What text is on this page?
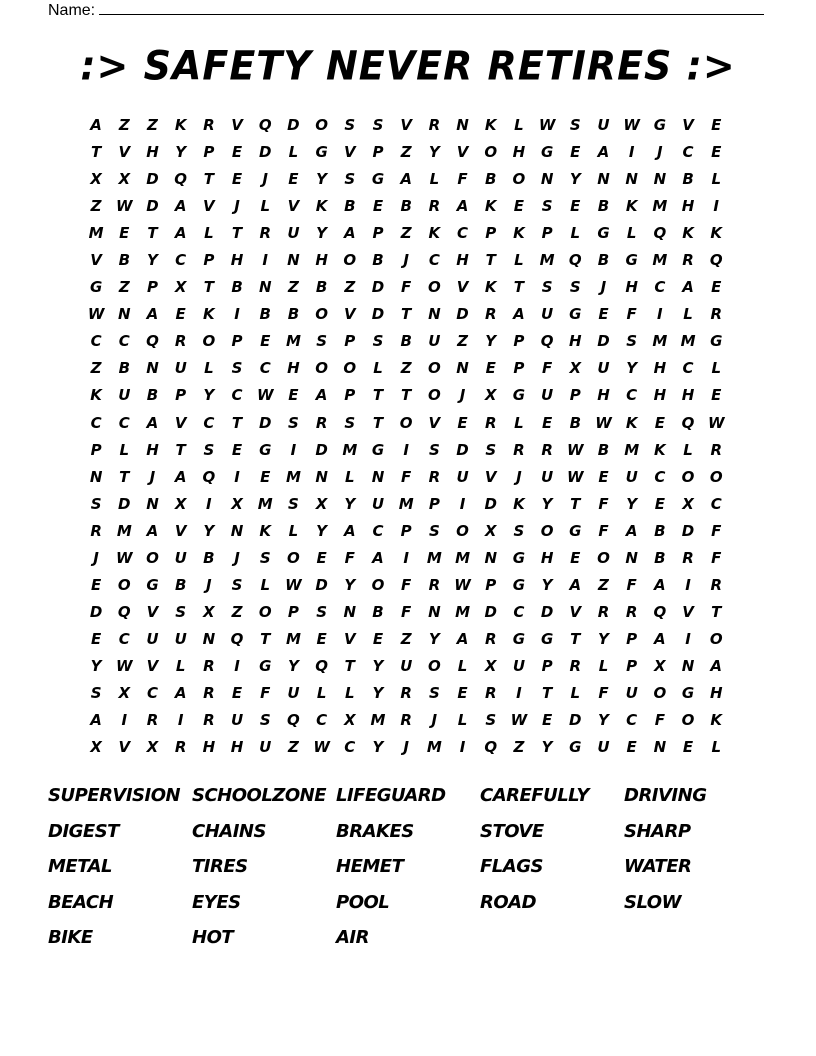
Name:
:> SAFETY NEVER RETIRES :>
A	Z	Z	K	R	V	Q	D	O	S	S	V	R	N	K	L	W S	U W G	V	E
T	V	H	Y	P	E	D	L	G	V	P	Z	Y	V	O	H	G	E	A	I	J	C	E
X	X	D	Q	T	E	J	E	Y	S	G	A	L	F	B	O	N	Y	N	N	N	B	L
Z W D	A	V	J	L	V	K	B	E	B	R	A	K	E	S	E	B	K M H	I
M	E	T	A	L	T	R	U	Y	A	P	Z	K	C	P	K	P	L	G	L	Q	K	K
V	B	Y	C	P	H	I	N	H	O	B	J	C	H	T	L	M Q	B	G M R	Q
G	Z	P	X	T	B	N	Z	B	Z	D	F	O	V	K	T	S	S	J	H	C	A	E
W N	A	E	K	I	B	B	O	V	D	T	N	D	R	A	U	G	E	F	I	L	R
C	C	Q	R	O	P	E	M	S	P	S	B	U	Z	Y	P	Q	H	D	S	M M G
Z	B	N	U	L	S	C	H	O	O	L	Z	O	N	E	P	F	X	U	Y	H	C	L
K	U	B	P	Y	C W E	A	P	T	T	O	J	X	G	U	P	H	C	H	H	E
C	C	A	V	C	T	D	S	R	S	T	O	V	E	R	L	E	B W K	E	Q W
P	L	H	T	S	E	G	I	D M G	I	S	D	S	R	R W B	M K	L	R
N	T	J	A	Q	I	E	M N	L	N	F	R	U	V	J	U W E	U	C	O	O
S	D	N	X	I	X M	S	X	Y	U M	P	I	D	K	Y	T	F	Y	E	X	C
R M A	V	Y	N	K	L	Y	A	C	P	S	O	X	S	O	G	F	A	B	D	F
J	W O	U	B	J	S	O	E	F	A	I	M M N	G	H	E	O	N	B	R	F
E	O	G	B	J	S	L	W D	Y	O	F	R W P	G	Y	A	Z	F	A	I	R
D	Q	V	S	X	Z	O	P	S	N	B	F	N M D	C	D	V	R	R	Q	V	T
E	C	U	U	N	Q	T	M	E	V	E	Z	Y	A	R	G	G	T	Y	P	A	I	O
Y W V	L	R	I	G	Y	Q	T	Y	U	O	L	X	U	P	R	L	P	X	N	A
S	X	C	A	R	E	F	U	L	L	Y	R	S	E	R	I	T	L	F	U	O	G	H
A	I	R	I	R	U	S	Q	C	X M R	J	L	S W E	D	Y	C	F	O	K
X	V	X	R	H	H	U	Z W C	Y	J	M	I	Q	Z	Y	G	U	E	N	E	L
SUPERVISION SCHOOLZONE LIFEGUARD	CAREFULLY	DRIVING
DIGEST	CHAINS	BRAKES	STOVE	SHARP
METAL	TIRES	HEMET	FLAGS	WATER
BEACH	EYES	POOL	ROAD	SLOW
BIKE	HOT	AIR
